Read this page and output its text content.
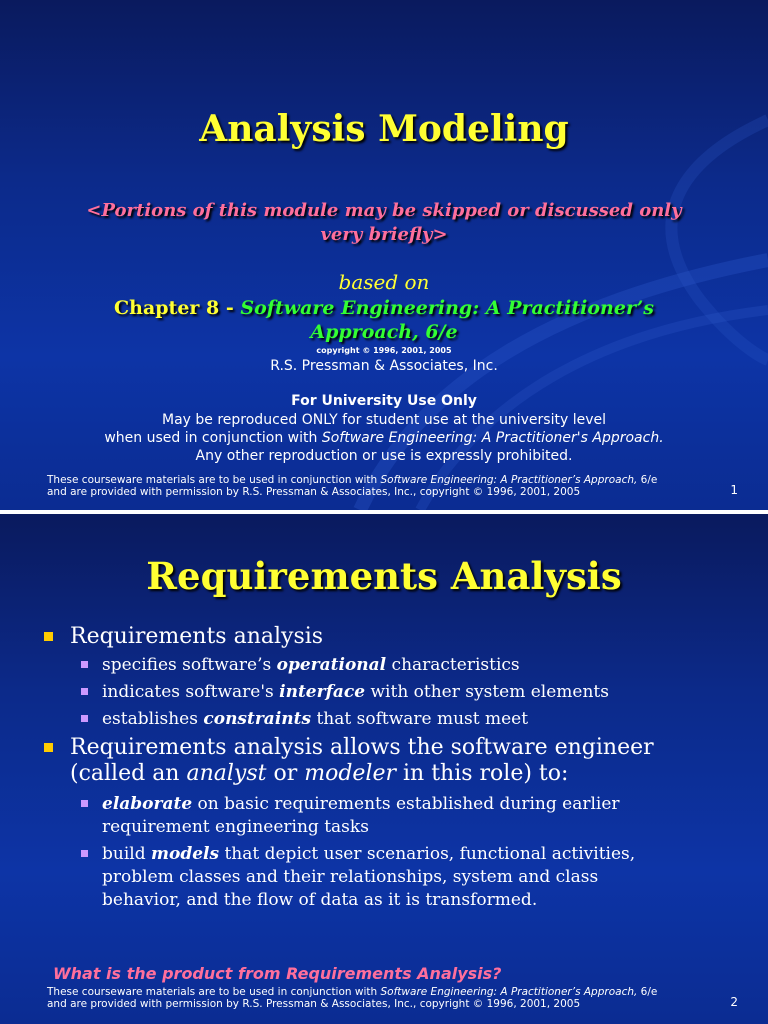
Analysis Modeling
<Portions of this module may be skipped or discussed only very briefly>
based on
Chapter 8 - Software Engineering: A Practitioner’s Approach, 6/e
copyright © 1996, 2001, 2005
R.S. Pressman & Associates, Inc.
For University Use Only
May be reproduced ONLY for student use at the university level
when used in conjunction with Software Engineering: A Practitioner's Approach.
Any other reproduction or use is expressly prohibited.
These courseware materials are to be used in conjunction with Software Engineering: A Practitioner’s Approach, 6/e
and are provided with permission by R.S. Pressman & Associates, Inc., copyright © 1996, 2001, 2005	1
Requirements Analysis
Requirements analysis
specifies software’s operational characteristics
indicates software's interface with other system elements
establishes constraints that software must meet
Requirements analysis allows the software engineer
(called an analyst or modeler in this role) to:
elaborate on basic requirements established during earlier
requirement engineering tasks
build models that depict user scenarios, functional activities,
problem classes and their relationships, system and class
behavior, and the flow of data as it is transformed.
What is the product from Requirements Analysis?
These courseware materials are to be used in conjunction with Software Engineering: A Practitioner’s Approach, 6/e
and are provided with permission by R.S. Pressman & Associates, Inc., copyright © 1996, 2001, 2005	2
